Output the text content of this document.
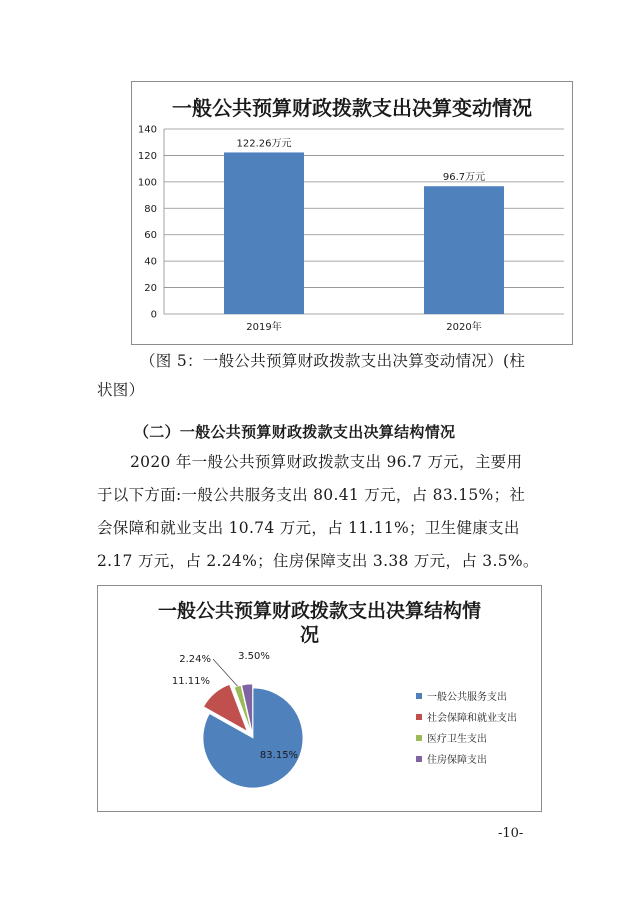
一般公共预算财政拨款支出决算变动情况
0
20
40
60
80
100
120
140
122.26万元
2019年
96.7万元
2020年
（图 5：一般公共预算财政拨款支出决算变动情况）(柱
状图）
（二）一般公共预算财政拨款支出决算结构情况
2020 年一般公共预算财政拨款支出 96.7 万元，主要用
于以下方面:一般公共服务支出 80.41 万元，占 83.15%；社
会保障和就业支出 10.74 万元，占 11.11%；卫生健康支出
2.17 万元，占 2.24%；住房保障支出 3.38 万元，占 3.5%。
一般公共预算财政拨款支出决算结构情
况
83.15%
11.11%
2.24%	3.50%
一般公共服务支出
社会保障和就业支出
医疗卫生支出
住房保障支出
-10-
